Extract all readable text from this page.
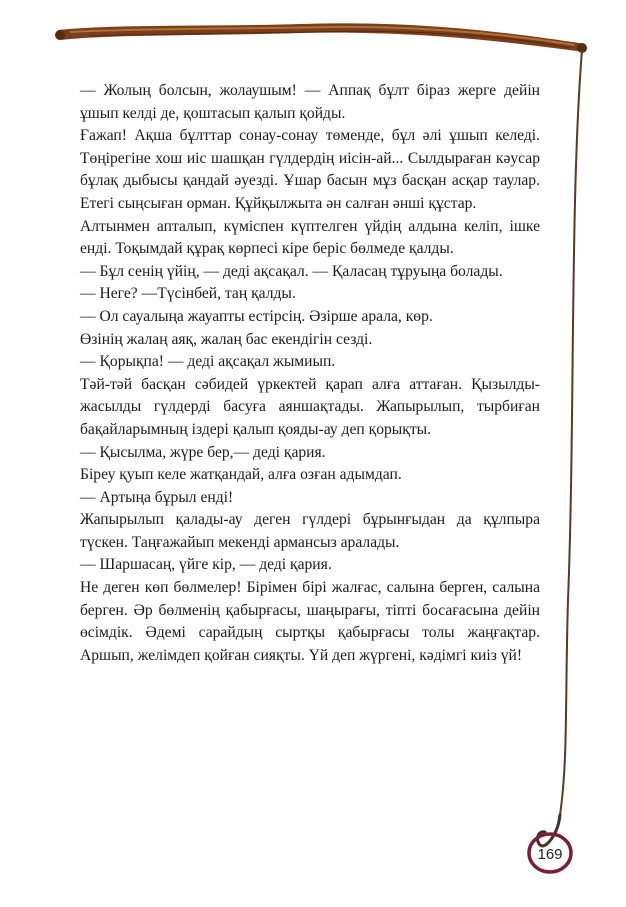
— Жолың болсын, жолаушым! — Аппақ бұлт біраз жерге дейін ұшып келді де, қоштасып қалып қойды.

Ғажап! Ақша бұлттар сонау-сонау төменде, бұл әлі ұшып келеді. Төңірегіне хош иіс шашқан гүлдердің иісін-ай... Сылдыраған кәусар бұлақ дыбысы қандай әуезді. Ұшар басын мұз басқан асқар таулар. Етегі сыңсыған орман. Құйқылжыта ән салған әнші құстар.

Алтынмен апталып, күміспен күптелген үйдің алдына келіп, ішке енді. Тоқымдай құрақ көрпесі кіре беріс бөлмеде қалды.

— Бұл сенің үйің, — деді ақсақал. — Қаласаң тұруыңа болады.

— Неге? —Түсінбей, таң қалды.

— Ол сауалыңа жауапты естірсің. Әзірше арала, көр.

Өзінің жалаң аяқ, жалаң бас екендігін сезді.

— Қорықпа! — деді ақсақал жымиып.

Тәй-тәй басқан сәбидей үркектей қарап алға аттаған. Қызылды-жасылды гүлдерді басуға аяншақтады. Жапырылып, тырбиған бақайларымның іздері қалып қояды-ау деп қорықты.

— Қысылма, жүре бер,— деді қария.

Біреу қуып келе жатқандай, алға озған адымдап.

— Артыңа бұрыл енді!

Жапырылып қалады-ау деген гүлдері бұрынғыдан да құлпыра түскен. Таңғажайып мекенді армансыз аралады.

— Шаршасаң, үйге кір, — деді қария.

Не деген көп бөлмелер! Бірімен бірі жалғас, салына берген, салына берген. Әр бөлменің қабырғасы, шаңырағы, тіпті босағасына дейін өсімдік. Әдемі сарайдың сыртқы қабырғасы толы жаңғақтар. Аршып, желімдеп қойған сияқты. Үй деп жүргені, кәдімгі киіз үй!

169
